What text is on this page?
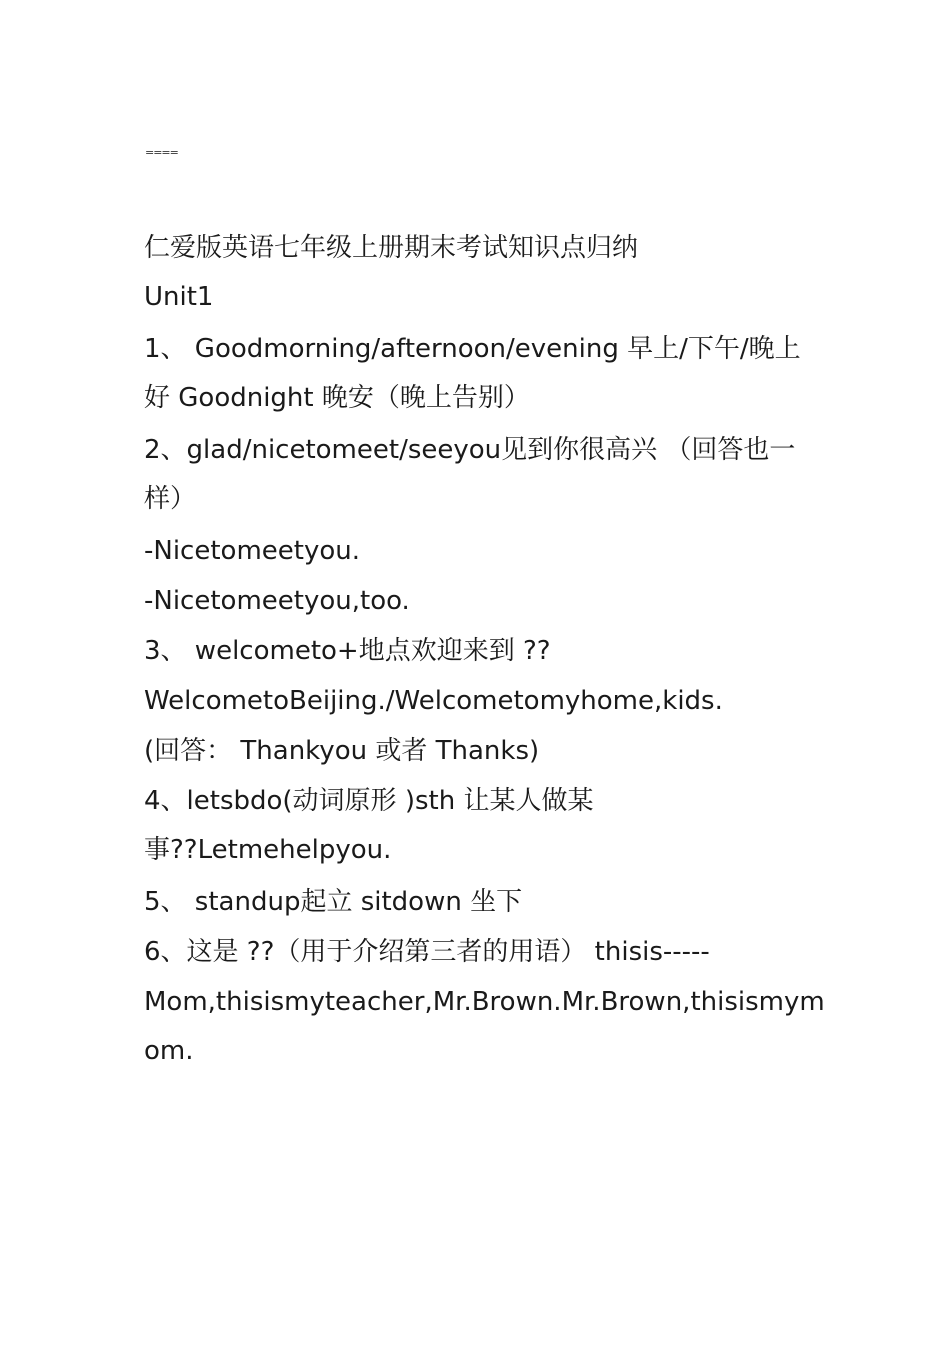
====
仁爱版英语七年级上册期末考试知识点归纳
Unit1
1、 Goodmorning/afternoon/evening 早上/下午/晚上
好 Goodnight 晚安（晚上告别）
2、glad/nicetomeet/seeyou见到你很高兴 （回答也一
样）
-Nicetomeetyou.
-Nicetomeetyou,too.
3、 welcometo+地点欢迎来到 ??
WelcometoBeijing./Welcometomyhome,kids.
(回答： Thankyou 或者 Thanks)
4、letsbdo(动词原形 )sth 让某人做某
事??Letmehelpyou.
5、 standup起立 sitdown 坐下
6、这是 ??（用于介绍第三者的用语） thisis-----
Mom,thisismyteacher,Mr.Brown.Mr.Brown,thisismym
om.
